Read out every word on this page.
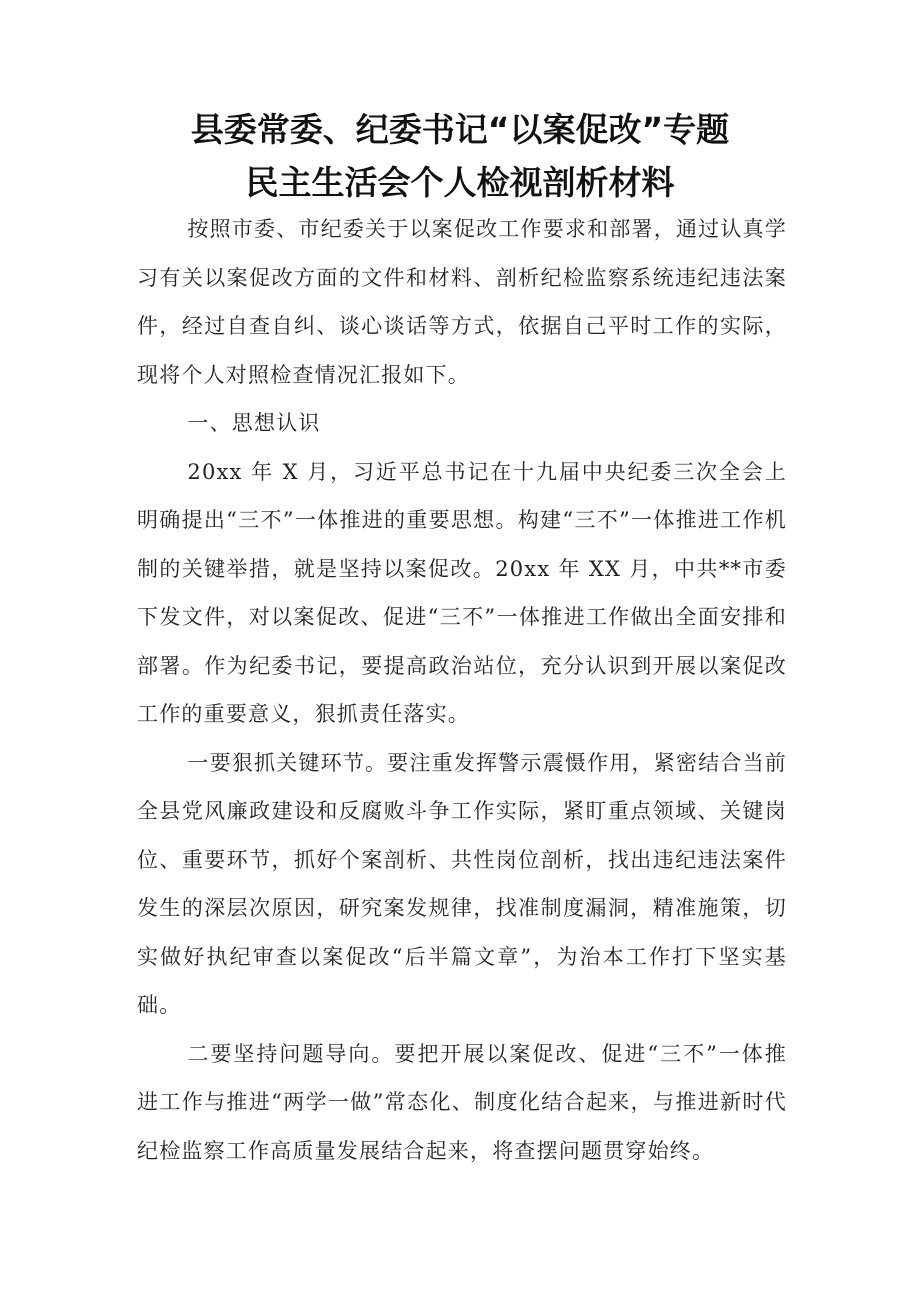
县委常委、纪委书记“以案促改”专题
民主生活会个人检视剖析材料

按照市委、市纪委关于以案促改工作要求和部署，通过认真学习有关以案促改方面的文件和材料、剖析纪检监察系统违纪违法案件，经过自查自纠、谈心谈话等方式，依据自己平时工作的实际，现将个人对照检查情况汇报如下。

一、思想认识

20xx 年 X 月，习近平总书记在十九届中央纪委三次全会上明确提出“三不”一体推进的重要思想。构建“三不”一体推进工作机制的关键举措，就是坚持以案促改。20xx 年 XX 月，中共**市委下发文件，对以案促改、促进“三不”一体推进工作做出全面安排和部署。作为纪委书记，要提高政治站位，充分认识到开展以案促改工作的重要意义，狠抓责任落实。

一要狠抓关键环节。要注重发挥警示震慑作用，紧密结合当前全县党风廉政建设和反腐败斗争工作实际，紧盯重点领域、关键岗位、重要环节，抓好个案剖析、共性岗位剖析，找出违纪违法案件发生的深层次原因，研究案发规律，找准制度漏洞，精准施策，切实做好执纪审查以案促改“后半篇文章”，为治本工作打下坚实基础。

二要坚持问题导向。要把开展以案促改、促进“三不”一体推进工作与推进“两学一做”常态化、制度化结合起来，与推进新时代纪检监察工作高质量发展结合起来，将查摆问题贯穿始终。
